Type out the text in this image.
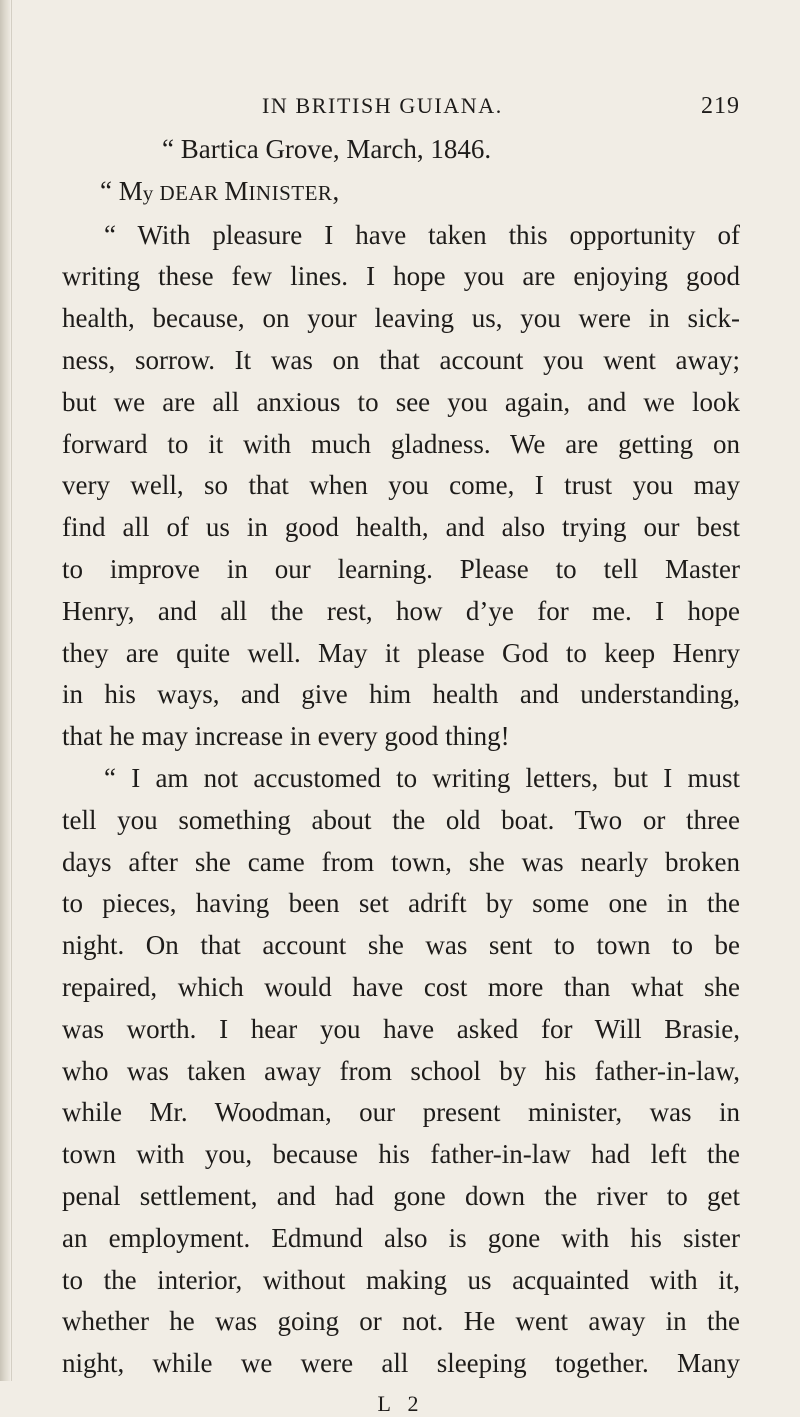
IN BRITISH GUIANA.	219
“ Bartica Grove, March, 1846.
“ My DEAR MINISTER,
“ With pleasure I have taken this opportunity of
writing these few lines. I hope you are enjoying good
health, because, on your leaving us, you were in sick-
ness, sorrow. It was on that account you went away;
but we are all anxious to see you again, and we look
forward to it with much gladness. We are getting on
very well, so that when you come, I trust you may
find all of us in good health, and also trying our best
to improve in our learning. Please to tell Master
Henry, and all the rest, how d’ye for me. I hope
they are quite well. May it please God to keep Henry
in his ways, and give him health and understanding,
that he may increase in every good thing!
“ I am not accustomed to writing letters, but I must
tell you something about the old boat. Two or three
days after she came from town, she was nearly broken
to pieces, having been set adrift by some one in the
night. On that account she was sent to town to be
repaired, which would have cost more than what she
was worth. I hear you have asked for Will Brasie,
who was taken away from school by his father-in-law,
while Mr. Woodman, our present minister, was in
town with you, because his father-in-law had left the
penal settlement, and had gone down the river to get
an employment. Edmund also is gone with his sister
to the interior, without making us acquainted with it,
whether he was going or not. He went away in the
night, while we were all sleeping together. Many
L 2
